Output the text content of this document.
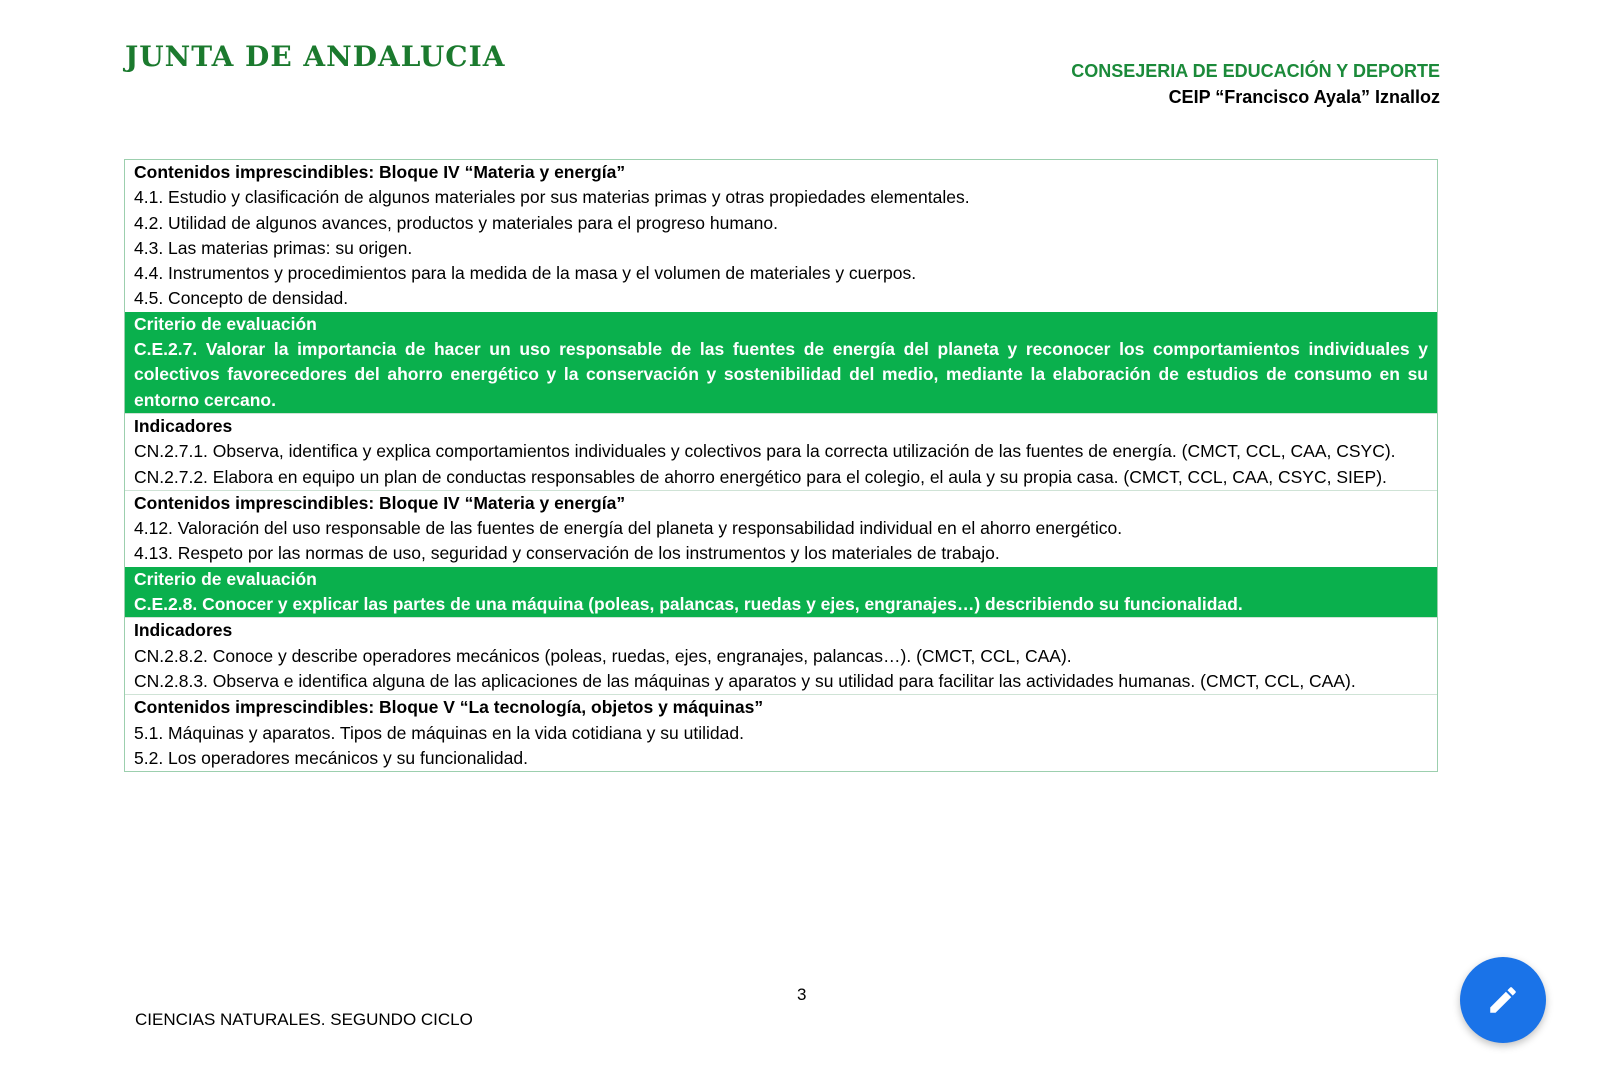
JUNTA DE ANDALUCIA	CONSEJERIA DE EDUCACIÓN Y DEPORTE
CEIP “Francisco Ayala” Iznalloz
Contenidos imprescindibles: Bloque IV “Materia y energía”
4.1. Estudio y clasificación de algunos materiales por sus materias primas y otras propiedades elementales.
4.2. Utilidad de algunos avances, productos y materiales para el progreso humano.
4.3. Las materias primas: su origen.
4.4. Instrumentos y procedimientos para la medida de la masa y el volumen de materiales y cuerpos.
4.5. Concepto de densidad.
Criterio de evaluación
C.E.2.7. Valorar la importancia de hacer un uso responsable de las fuentes de energía del planeta y reconocer los comportamientos individuales y colectivos favorecedores del ahorro energético y la conservación y sostenibilidad del medio, mediante la elaboración de estudios de consumo en su entorno cercano.
Indicadores
CN.2.7.1. Observa, identifica y explica comportamientos individuales y colectivos para la correcta utilización de las fuentes de energía. (CMCT, CCL, CAA, CSYC).
CN.2.7.2. Elabora en equipo un plan de conductas responsables de ahorro energético para el colegio, el aula y su propia casa. (CMCT, CCL, CAA, CSYC, SIEP).
Contenidos imprescindibles: Bloque IV “Materia y energía”
4.12. Valoración del uso responsable de las fuentes de energía del planeta y responsabilidad individual en el ahorro energético.
4.13. Respeto por las normas de uso, seguridad y conservación de los instrumentos y los materiales de trabajo.
Criterio de evaluación
C.E.2.8. Conocer y explicar las partes de una máquina (poleas, palancas, ruedas y ejes, engranajes…) describiendo su funcionalidad.
Indicadores
CN.2.8.2. Conoce y describe operadores mecánicos (poleas, ruedas, ejes, engranajes, palancas…). (CMCT, CCL, CAA).
CN.2.8.3. Observa e identifica alguna de las aplicaciones de las máquinas y aparatos y su utilidad para facilitar las actividades humanas. (CMCT, CCL, CAA).
Contenidos imprescindibles: Bloque V “La tecnología, objetos y máquinas”
5.1. Máquinas y aparatos. Tipos de máquinas en la vida cotidiana y su utilidad.
5.2. Los operadores mecánicos y su funcionalidad.
3
CIENCIAS NATURALES. SEGUNDO CICLO
